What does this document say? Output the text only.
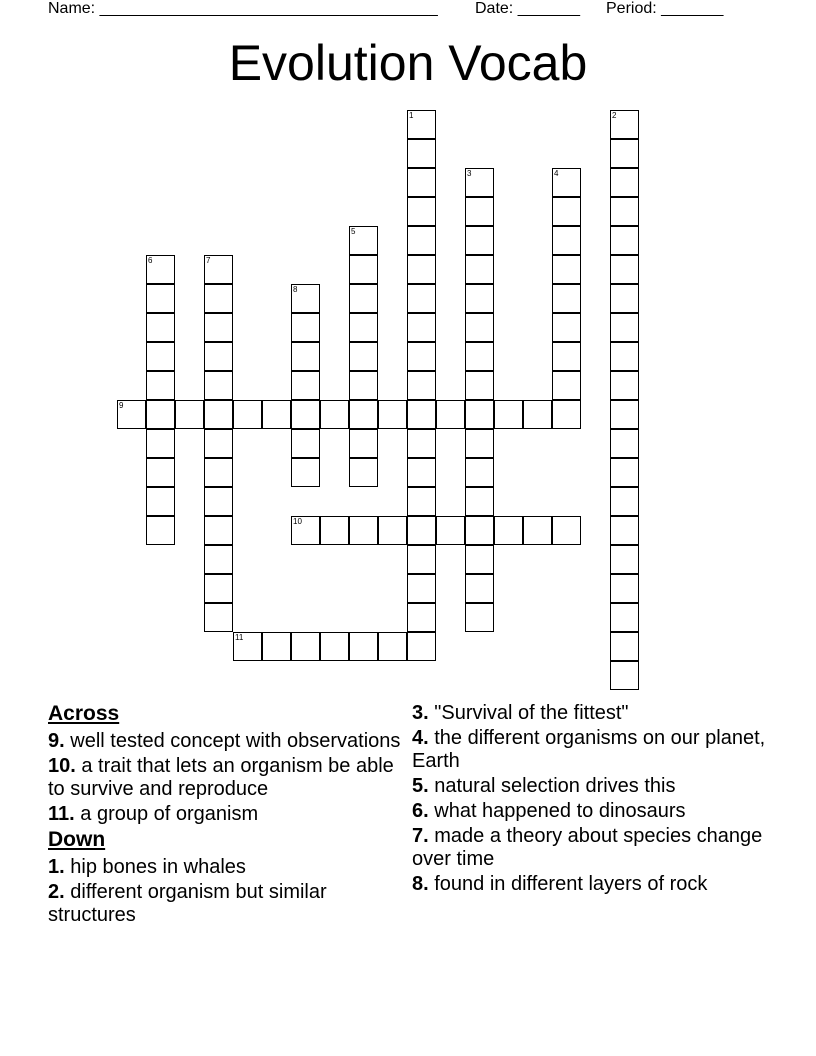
Name: ______________________________________ Date: _______ Period: _______
Evolution Vocab
1	2
3	4
5
6	7
8
9
10
11
Across
9. well tested concept with observations
10. a trait that lets an organism be able to survive and reproduce
11. a group of organism
Down
1. hip bones in whales
2. different organism but similar structures
3. "Survival of the fittest"
4. the different organisms on our planet, Earth
5. natural selection drives this
6. what happened to dinosaurs
7. made a theory about species change over time
8. found in different layers of rock
